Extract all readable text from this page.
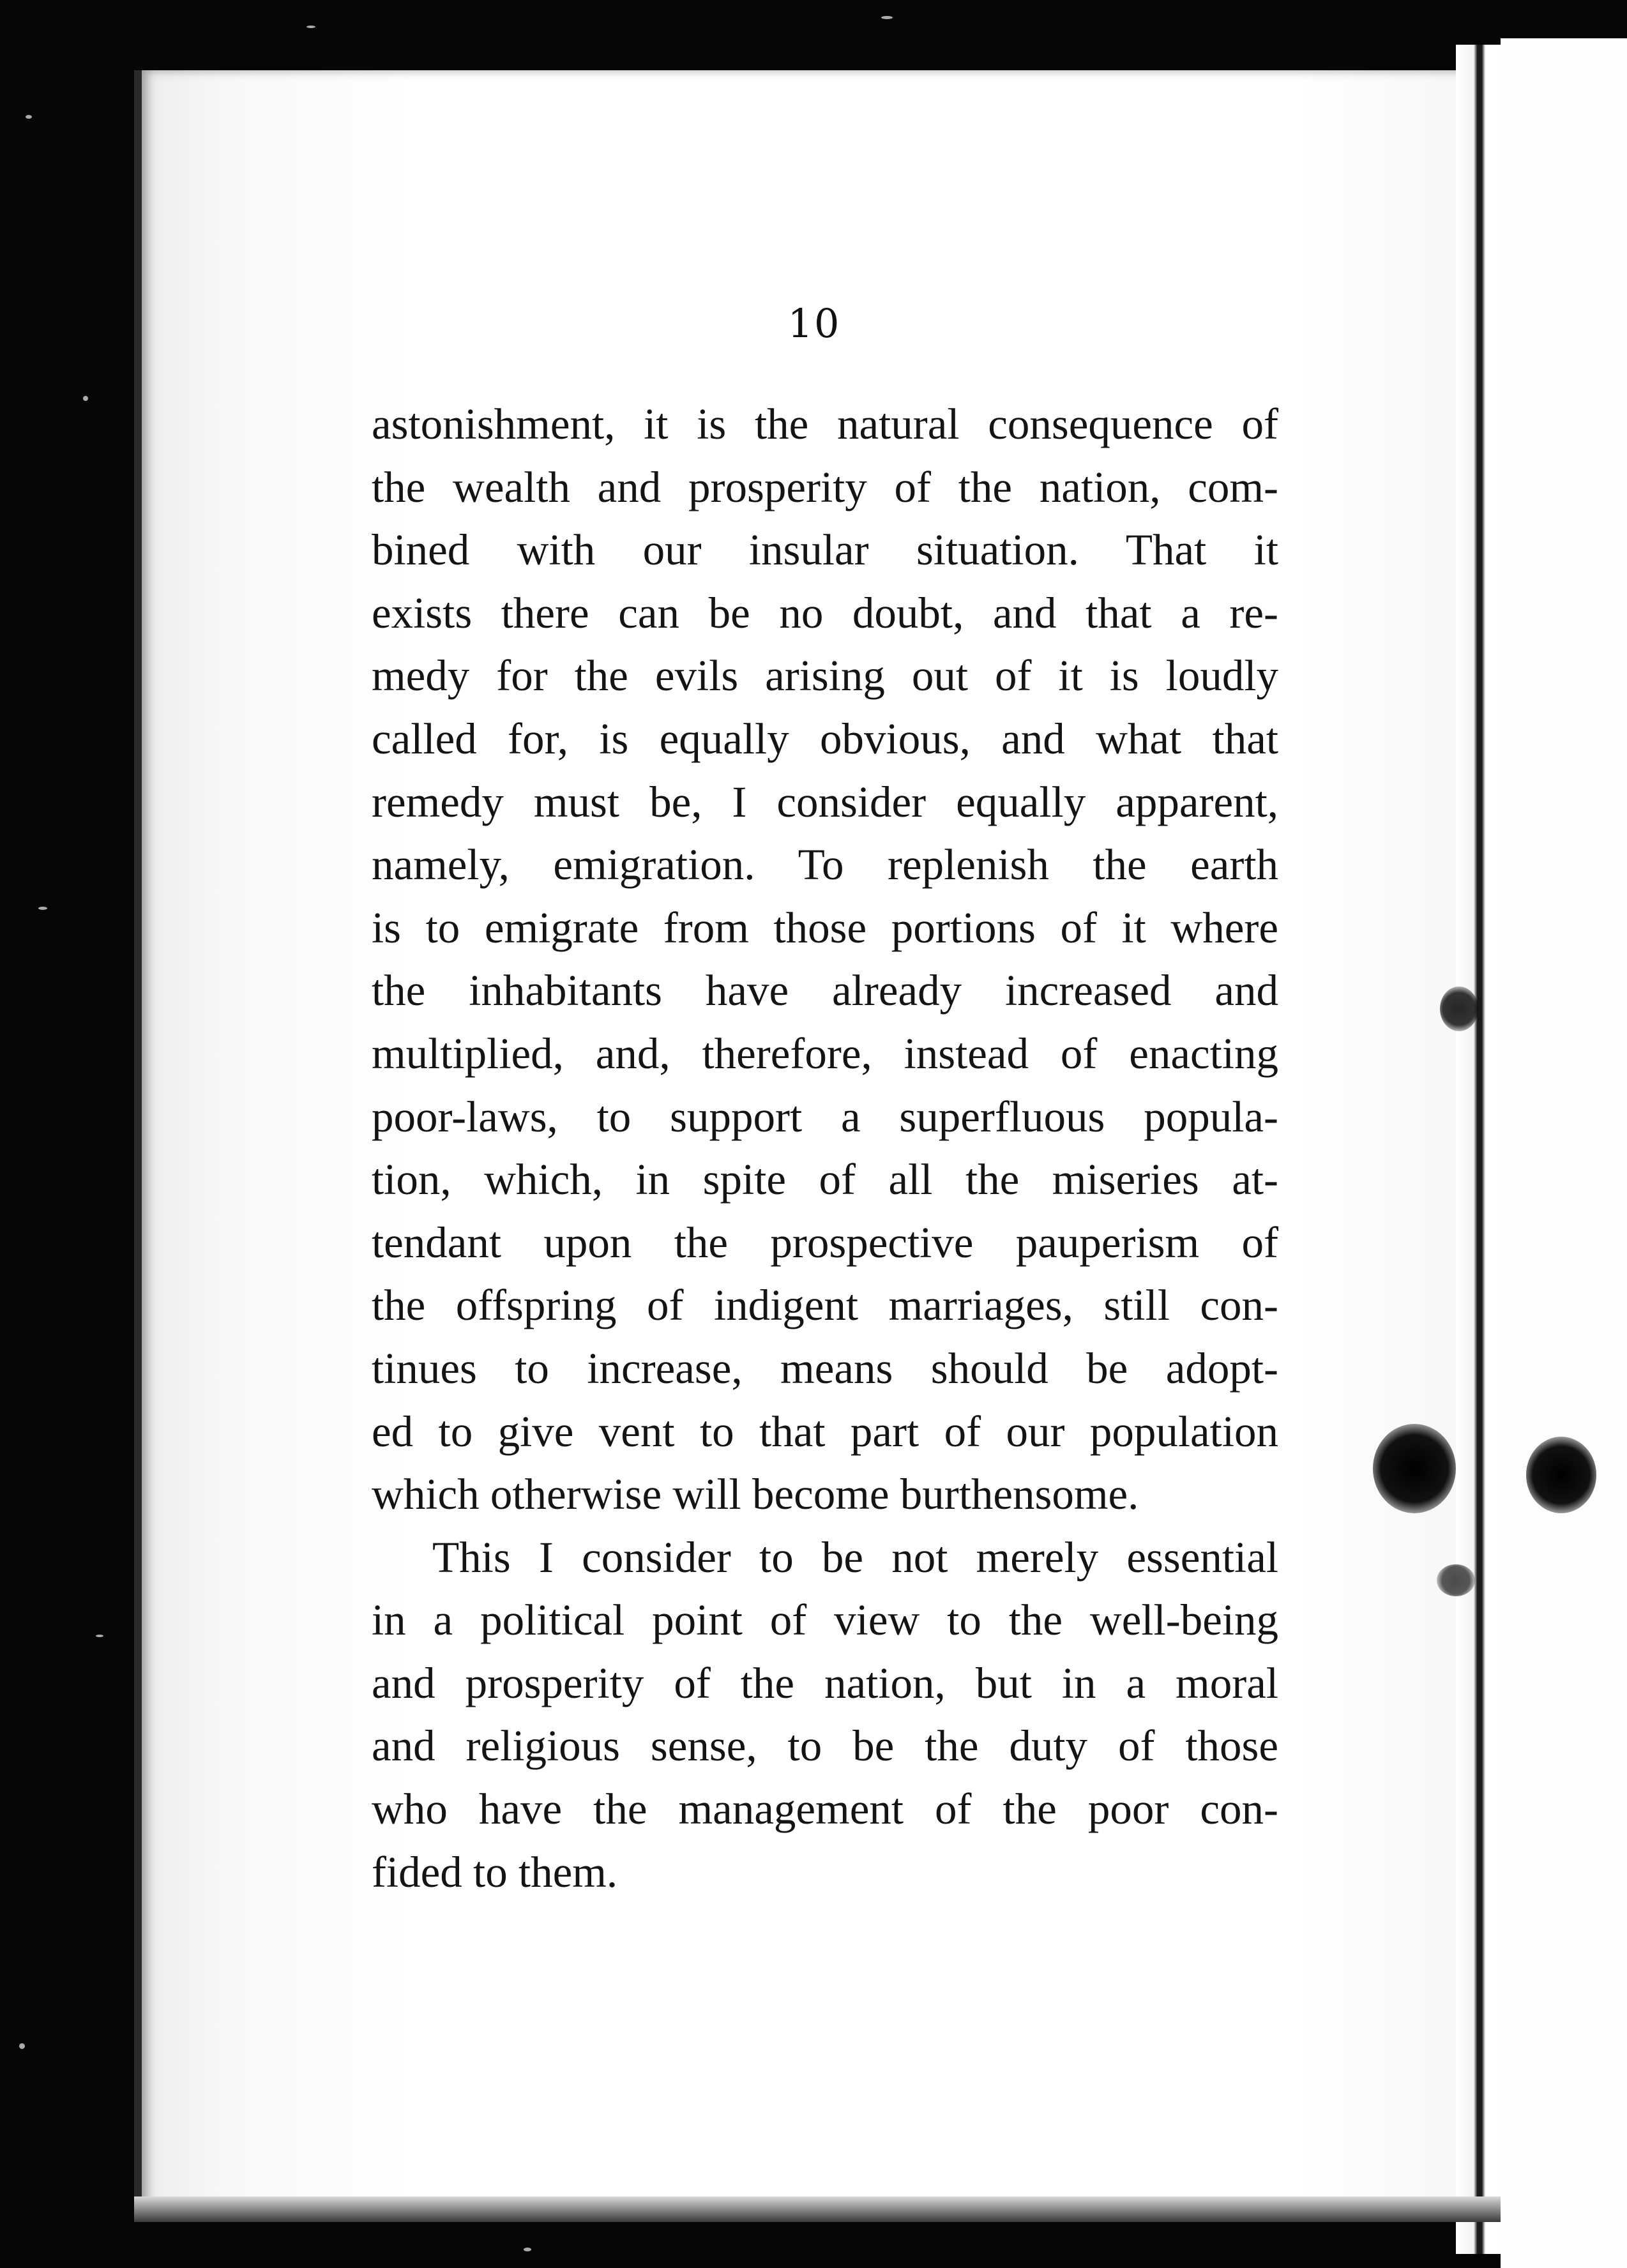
10
astonishment, it is the natural consequence of
the wealth and prosperity of the nation, com-
bined with our insular situation. That it
exists there can be no doubt, and that a re-
medy for the evils arising out of it is loudly
called for, is equally obvious, and what that
remedy must be, I consider equally apparent,
namely, emigration. To replenish the earth
is to emigrate from those portions of it where
the inhabitants have already increased and
multiplied, and, therefore, instead of enacting
poor-laws, to support a superfluous popula-
tion, which, in spite of all the miseries at-
tendant upon the prospective pauperism of
the offspring of indigent marriages, still con-
tinues to increase, means should be adopt-
ed to give vent to that part of our population
which otherwise will become burthensome.
This I consider to be not merely essential
in a political point of view to the well-being
and prosperity of the nation, but in a moral
and religious sense, to be the duty of those
who have the management of the poor con-
fided to them.
